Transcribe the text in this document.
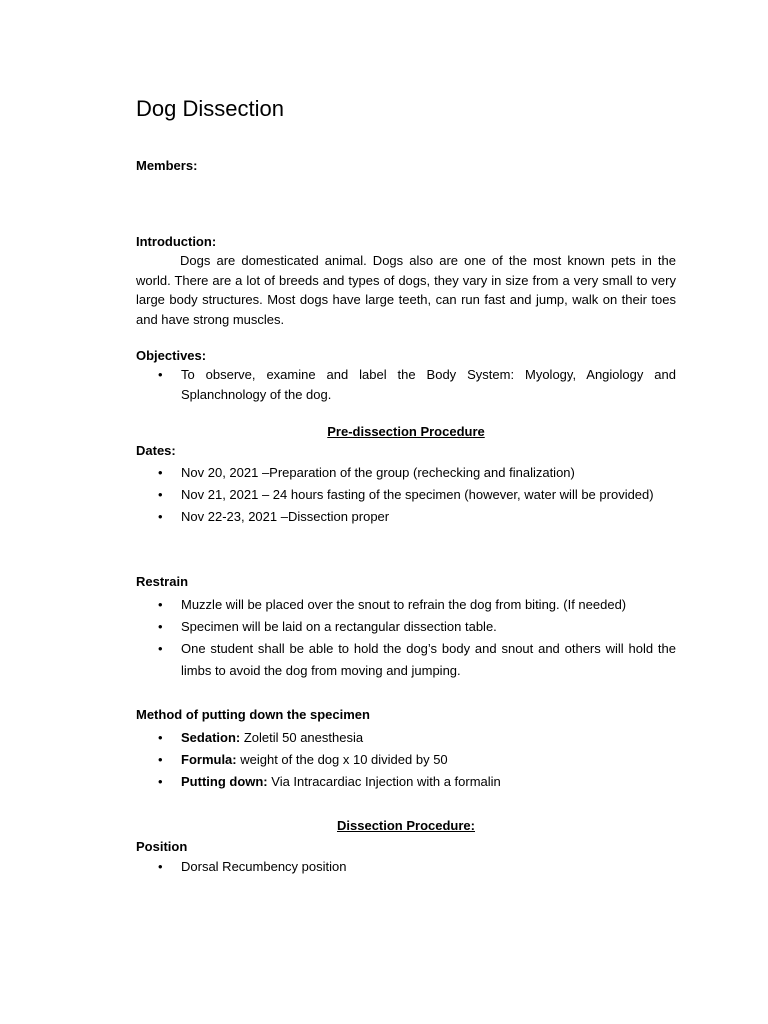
Dog Dissection

Members:

Introduction:

Dogs are domesticated animal. Dogs also are one of the most known pets in the world. There are a lot of breeds and types of dogs, they vary in size from a very small to very large body structures. Most dogs have large teeth, can run fast and jump, walk on their toes and have strong muscles.

Objectives:

• To observe, examine and label the Body System: Myology, Angiology and Splanchnology of the dog.

Pre-dissection Procedure

Dates:

• Nov 20, 2021 –Preparation of the group (rechecking and finalization)
• Nov 21, 2021 – 24 hours fasting of the specimen (however, water will be provided)
• Nov 22-23, 2021 –Dissection proper

Restrain

• Muzzle will be placed over the snout to refrain the dog from biting. (If needed)
• Specimen will be laid on a rectangular dissection table.
• One student shall be able to hold the dog’s body and snout and others will hold the limbs to avoid the dog from moving and jumping.

Method of putting down the specimen

• Sedation: Zoletil 50 anesthesia
• Formula: weight of the dog x 10 divided by 50
• Putting down: Via Intracardiac Injection with a formalin

Dissection Procedure:

Position

• Dorsal Recumbency position
